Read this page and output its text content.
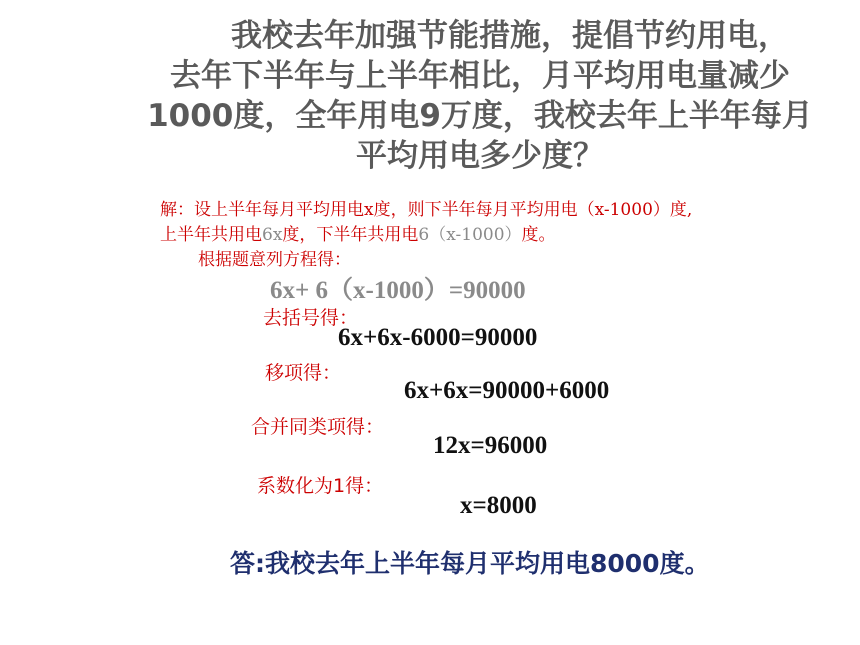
我校去年加强节能措施，提倡节约用电，
去年下半年与上半年相比，月平均用电量减少
1000度，全年用电9万度，我校去年上半年每月
平均用电多少度？
解：设上半年每月平均用电x度，则下半年每月平均用电（x-1000）度,
上半年共用电6x度，下半年共用电6（x-1000）度。
根据题意列方程得：
6x+ 6（x-1000）=90000
去括号得：
6x+6x-6000=90000
移项得：
6x+6x=90000+6000
合并同类项得：
12x=96000
系数化为1得：
x=8000
答:我校去年上半年每月平均用电8000度。
